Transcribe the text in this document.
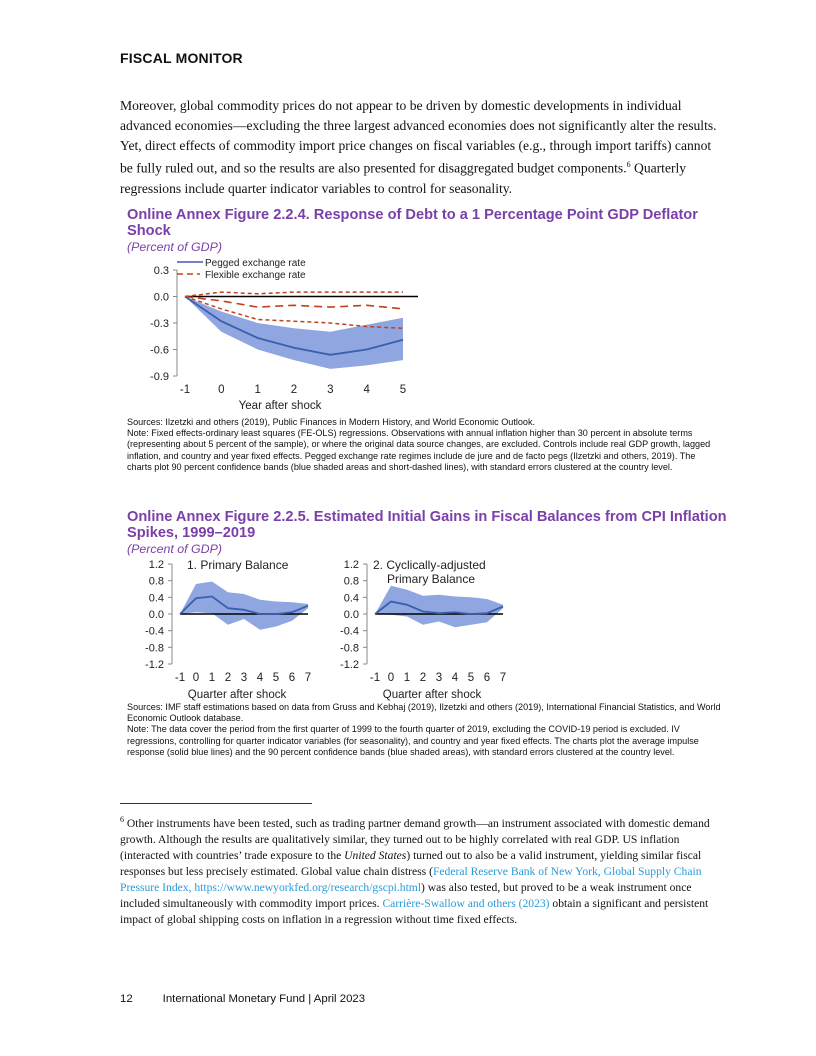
FISCAL MONITOR
Moreover, global commodity prices do not appear to be driven by domestic developments in individual advanced economies—excluding the three largest advanced economies does not significantly alter the results. Yet, direct effects of commodity import price changes on fiscal variables (e.g., through import tariffs) cannot be fully ruled out, and so the results are also presented for disaggregated budget components.$^6$ Quarterly regressions include quarter indicator variables to control for seasonality.
Online Annex Figure 2.2.4. Response of Debt to a 1 Percentage Point GDP Deflator Shock
(Percent of GDP)
0.3
0.0
-0.3
-0.6
-0.9
-1 0	1	2	3	4	5
Pegged exchange rate
Flexible exchange rate
Year after shock
Sources: Ilzetzki and others (2019), Public Finances in Modern History, and World Economic Outlook.
Note: Fixed effects-ordinary least squares (FE-OLS) regressions. Observations with annual inflation higher than 30 percent in absolute terms (representing about 5 percent of the sample), or where the original data source changes, are excluded. Controls include real GDP growth, lagged inflation, and country and year fixed effects. Pegged exchange rate regimes include de jure and de facto pegs (Ilzetzki and others, 2019). The charts plot 90 percent confidence bands (blue shaded areas and short-dashed lines), with standard errors clustered at the country level.
Online Annex Figure 2.2.5. Estimated Initial Gains in Fiscal Balances from CPI Inflation Spikes, 1999–2019
(Percent of GDP)
1.2
0.8
0.4
0.0
-0.4
-0.8
-1.2
-1 0 1 2 3 4 5 6 7
1. Primary Balance
Quarter after shock
1.2
0.8
0.4
0.0
-0.4
-0.8
-1.2
-1 0 1 2 3 4 5 6 7
2. Cyclically-adjusted Primary Balance
Quarter after shock
Sources: IMF staff estimations based on data from Gruss and Kebhaj (2019), Ilzetzki and others (2019), International Financial Statistics, and World Economic Outlook database.
Note: The data cover the period from the first quarter of 1999 to the fourth quarter of 2019, excluding the COVID-19 period is excluded. IV regressions, controlling for quarter indicator variables (for seasonality), and country and year fixed effects. The charts plot the average impulse response (solid blue lines) and the 90 percent confidence bands (blue shaded areas), with standard errors clustered at the country level.
$^6$ Other instruments have been tested, such as trading partner demand growth—an instrument associated with domestic demand growth. Although the results are qualitatively similar, they turned out to be highly correlated with real GDP. US inflation (interacted with countries’ trade exposure to the United States) turned out to also be a valid instrument, yielding similar fiscal responses but less precisely estimated. Global value chain distress (Federal Reserve Bank of New York, Global Supply Chain Pressure Index, https://www.newyorkfed.org/research/gscpi.html) was also tested, but proved to be a weak instrument once included simultaneously with commodity import prices. Carrière-Swallow and others (2023) obtain a significant and persistent impact of global shipping costs on inflation in a regression without time fixed effects.
12	International Monetary Fund | April 2023
